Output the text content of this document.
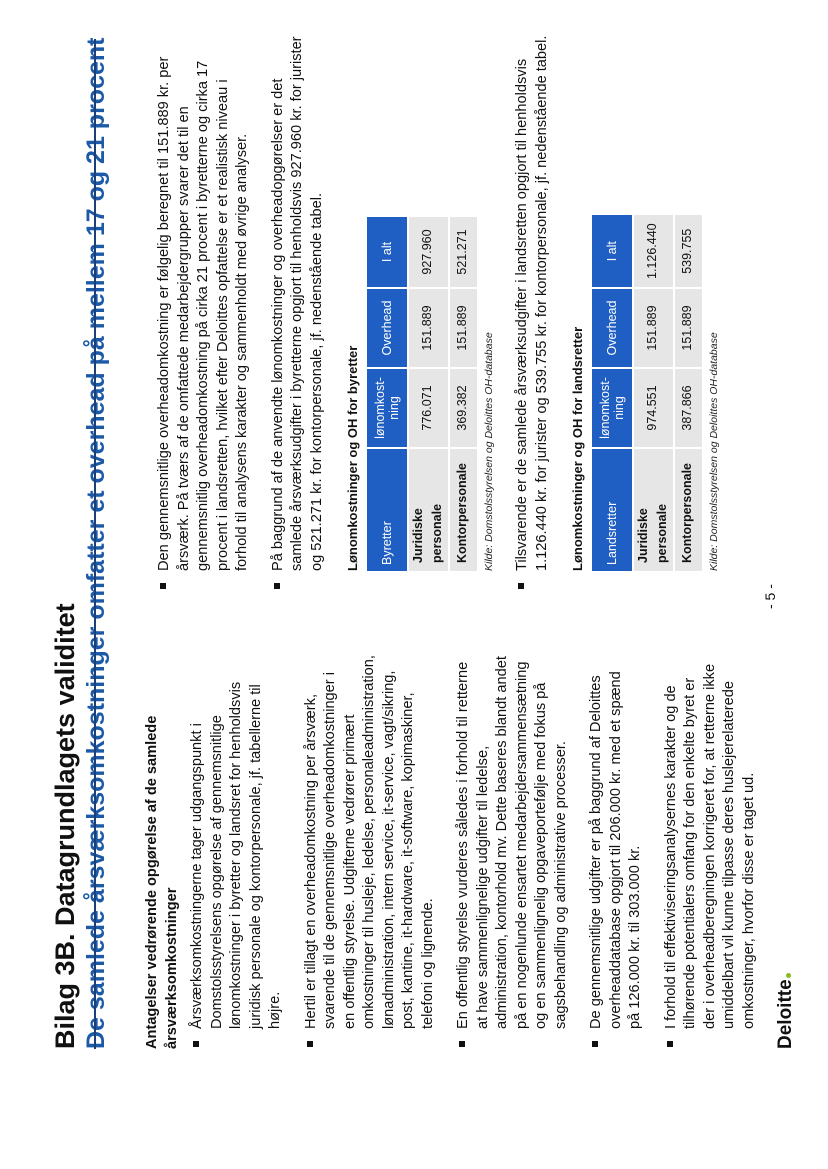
Bilag 3B. Datagrundlagets validitet De samlede årsværksomkostninger omfatter et overhead på mellem 17 og 21 procent Antagelser vedrørende opgørelse af de samlede årsværksomkostninger Årsværksomkostningerne tager udgangspunkt i Domstolsstyrelsens opgørelse af gennemsnitlige lønomkostninger i byretter og landsret for henholdsvis juridisk personale og kontorpersonale, jf. tabellerne til højre. Hertil er tillagt en overheadomkostning per årsværk, svarende til de gennemsnitlige overheadomkostninger i en offentlig styrelse. Udgifterne vedrører primært omkostninger til husleje, ledelse, personaleadministration, lønadministration, intern service, it-service, vagt/sikring, post, kantine, it-hardware, it-software, kopimaskiner, telefoni og lignende. En offentlig styrelse vurderes således i forhold til retterne at have sammenlignelige udgifter til ledelse, administration, kontorhold mv. Dette baseres blandt andet på en nogenlunde ensartet medarbejdersammensætning og en sammenlignelig opgaveportefølje med fokus på sagsbehandling og administrative processer. De gennemsnitlige udgifter er på baggrund af Deloittes overheaddatabase opgjort til 206.000 kr. med et spænd på 126.000 kr. til 303.000 kr. I forhold til effektiviseringsanalysernes karakter og de tilhørende potentialers omfang for den enkelte byret er der i overheadberegningen korrigeret for, at retterne ikke umiddelbart vil kunne tilpasse deres huslejerelaterede omkostninger, hvorfor disse er taget ud.
Den gennemsnitlige overheadomkostning er følgelig beregnet til 151.889 kr. per årsværk. På tværs af de omfattede medarbejdergrupper svarer det til en gennemsnitlig overheadomkostning på cirka 21 procent i byretterne og cirka 17 procent i landsretten, hvilket efter Deloittes opfattelse er et realistisk niveau i forhold til analysens karakter og sammenholdt med øvrige analyser. På baggrund af de anvendte lønomkostninger og overheadopgørelser er det samlede årsværksudgifter i byretterne opgjort til henholdsvis 927.960 kr. for jurister og 521.271 kr. for kontorpersonale, jf. nedenstående tabel. Lønomkostninger og OH for byretter Byretter	lønomkost-ning	Overhead	I alt
Juridiske personale	776.071	151.889	927.960
Kontorpersonale	369.382	151.889	521.271
Kilde: Domstolsstyrelsen og Deloittes OH-database	Tilsvarende er de samlede årsværksudgifter i landsretten opgjort til henholdsvis 1.126.440 kr. for jurister og 539.755 kr. for kontorpersonale, jf. nedenstående tabel. Lønomkostninger og OH for landsretter Landsretter	lønomkost-ning	Overhead	I alt
Juridiske personale	974.551	151.889	1.126.440
Kontorpersonale	387.866	151.889	539.755
Kilde: Domstolsstyrelsen og Deloittes OH-database
Deloitte
- 5 -
